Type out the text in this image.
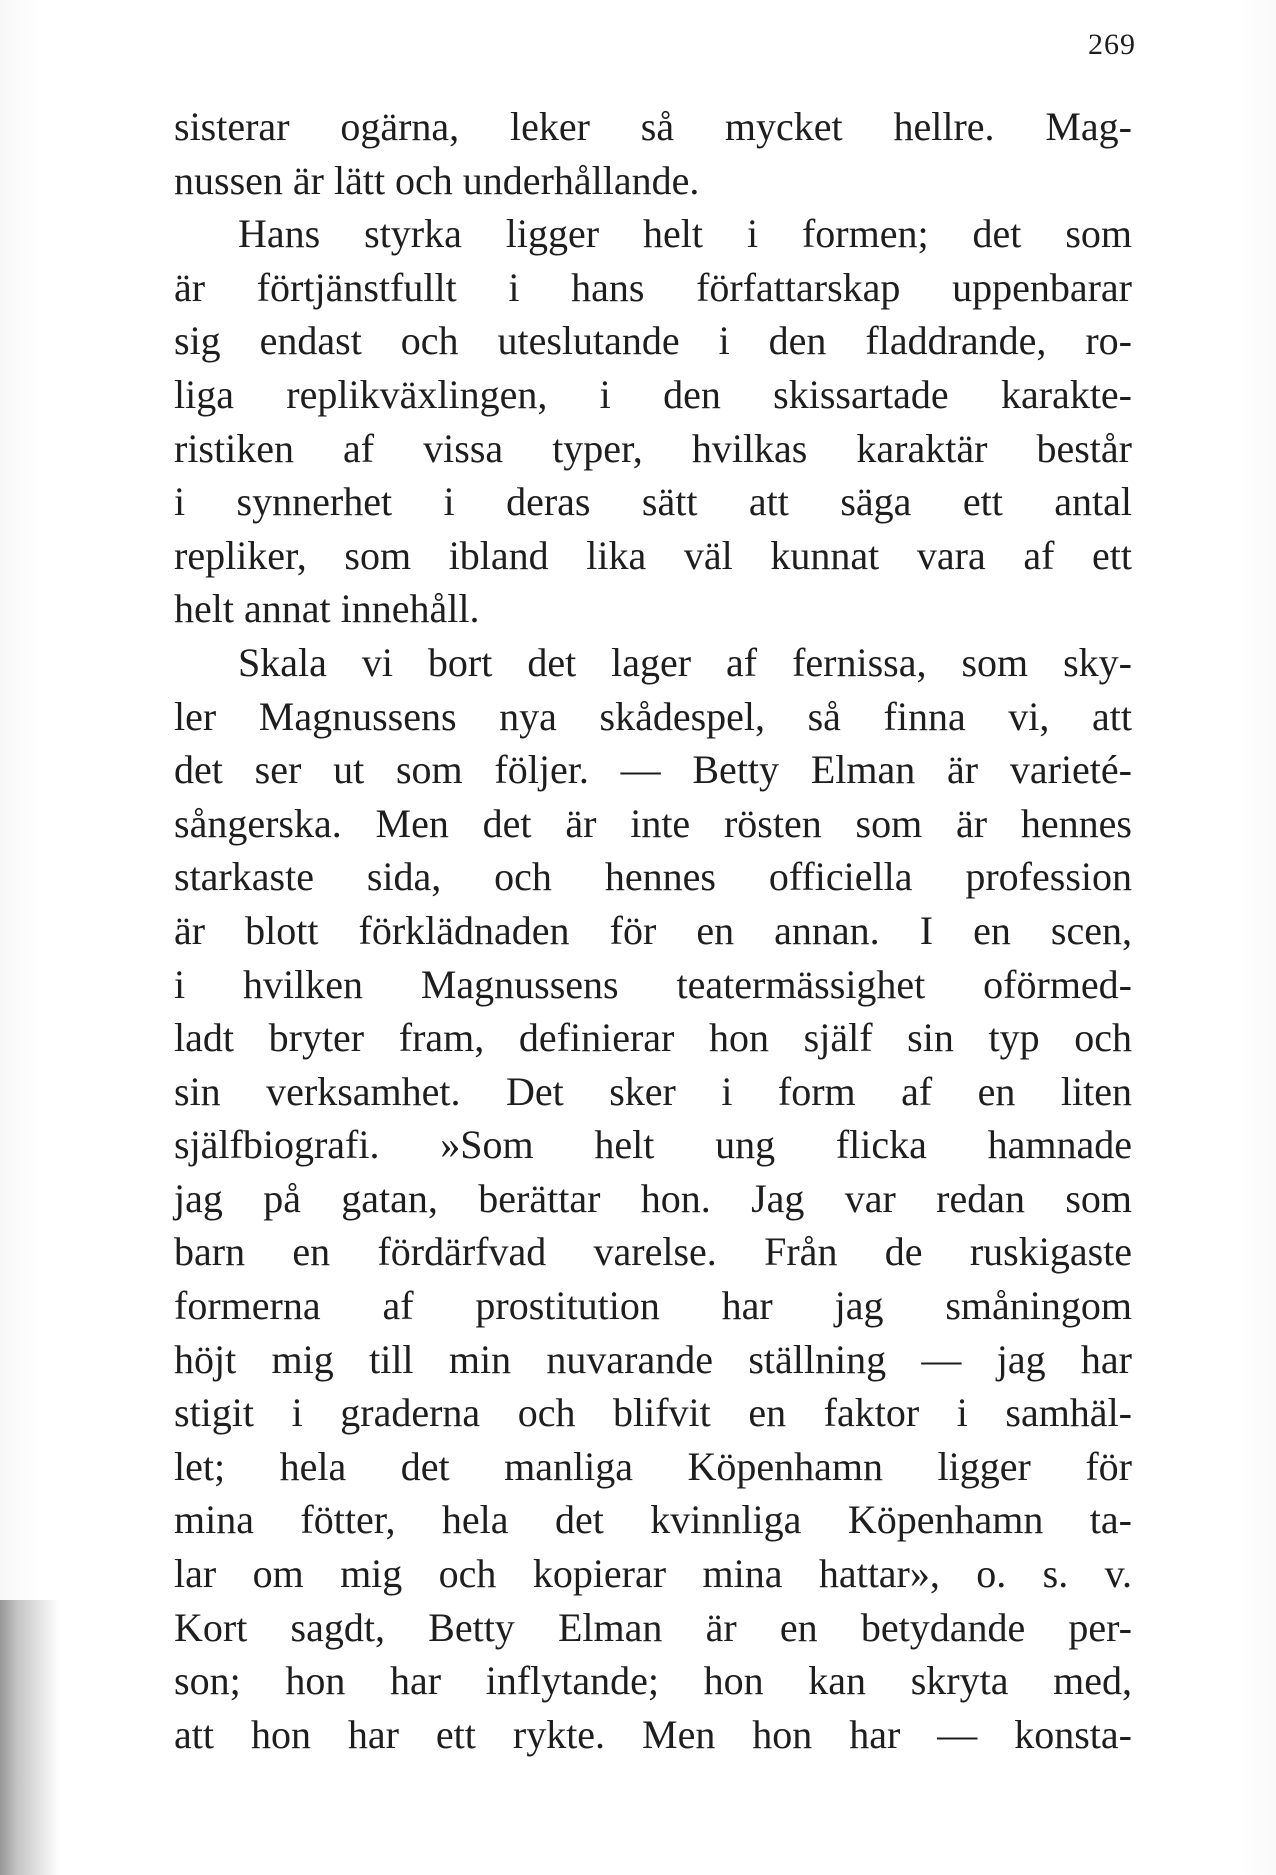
269
sisterar ogärna, leker så mycket hellre. Mag-
nussen är lätt och underhållande.
Hans styrka ligger helt i formen; det som
är förtjänstfullt i hans författarskap uppenbarar
sig endast och uteslutande i den fladdrande, ro-
liga replikväxlingen, i den skissartade karakte-
ristiken af vissa typer, hvilkas karaktär består
i synnerhet i deras sätt att säga ett antal
repliker, som ibland lika väl kunnat vara af ett
helt annat innehåll.
Skala vi bort det lager af fernissa, som sky-
ler Magnussens nya skådespel, så finna vi, att
det ser ut som följer. — Betty Elman är varieté-
sångerska. Men det är inte rösten som är hennes
starkaste sida, och hennes officiella profession
är blott förklädnaden för en annan. I en scen,
i hvilken Magnussens teatermässighet oförmed-
ladt bryter fram, definierar hon själf sin typ och
sin verksamhet. Det sker i form af en liten
själfbiografi. »Som helt ung flicka hamnade
jag på gatan, berättar hon. Jag var redan som
barn en fördärfvad varelse. Från de ruskigaste
formerna af prostitution har jag småningom
höjt mig till min nuvarande ställning — jag har
stigit i graderna och blifvit en faktor i samhäl-
let; hela det manliga Köpenhamn ligger för
mina fötter, hela det kvinnliga Köpenhamn ta-
lar om mig och kopierar mina hattar», o. s. v.
Kort sagdt, Betty Elman är en betydande per-
son; hon har inflytande; hon kan skryta med,
att hon har ett rykte. Men hon har — konsta-
